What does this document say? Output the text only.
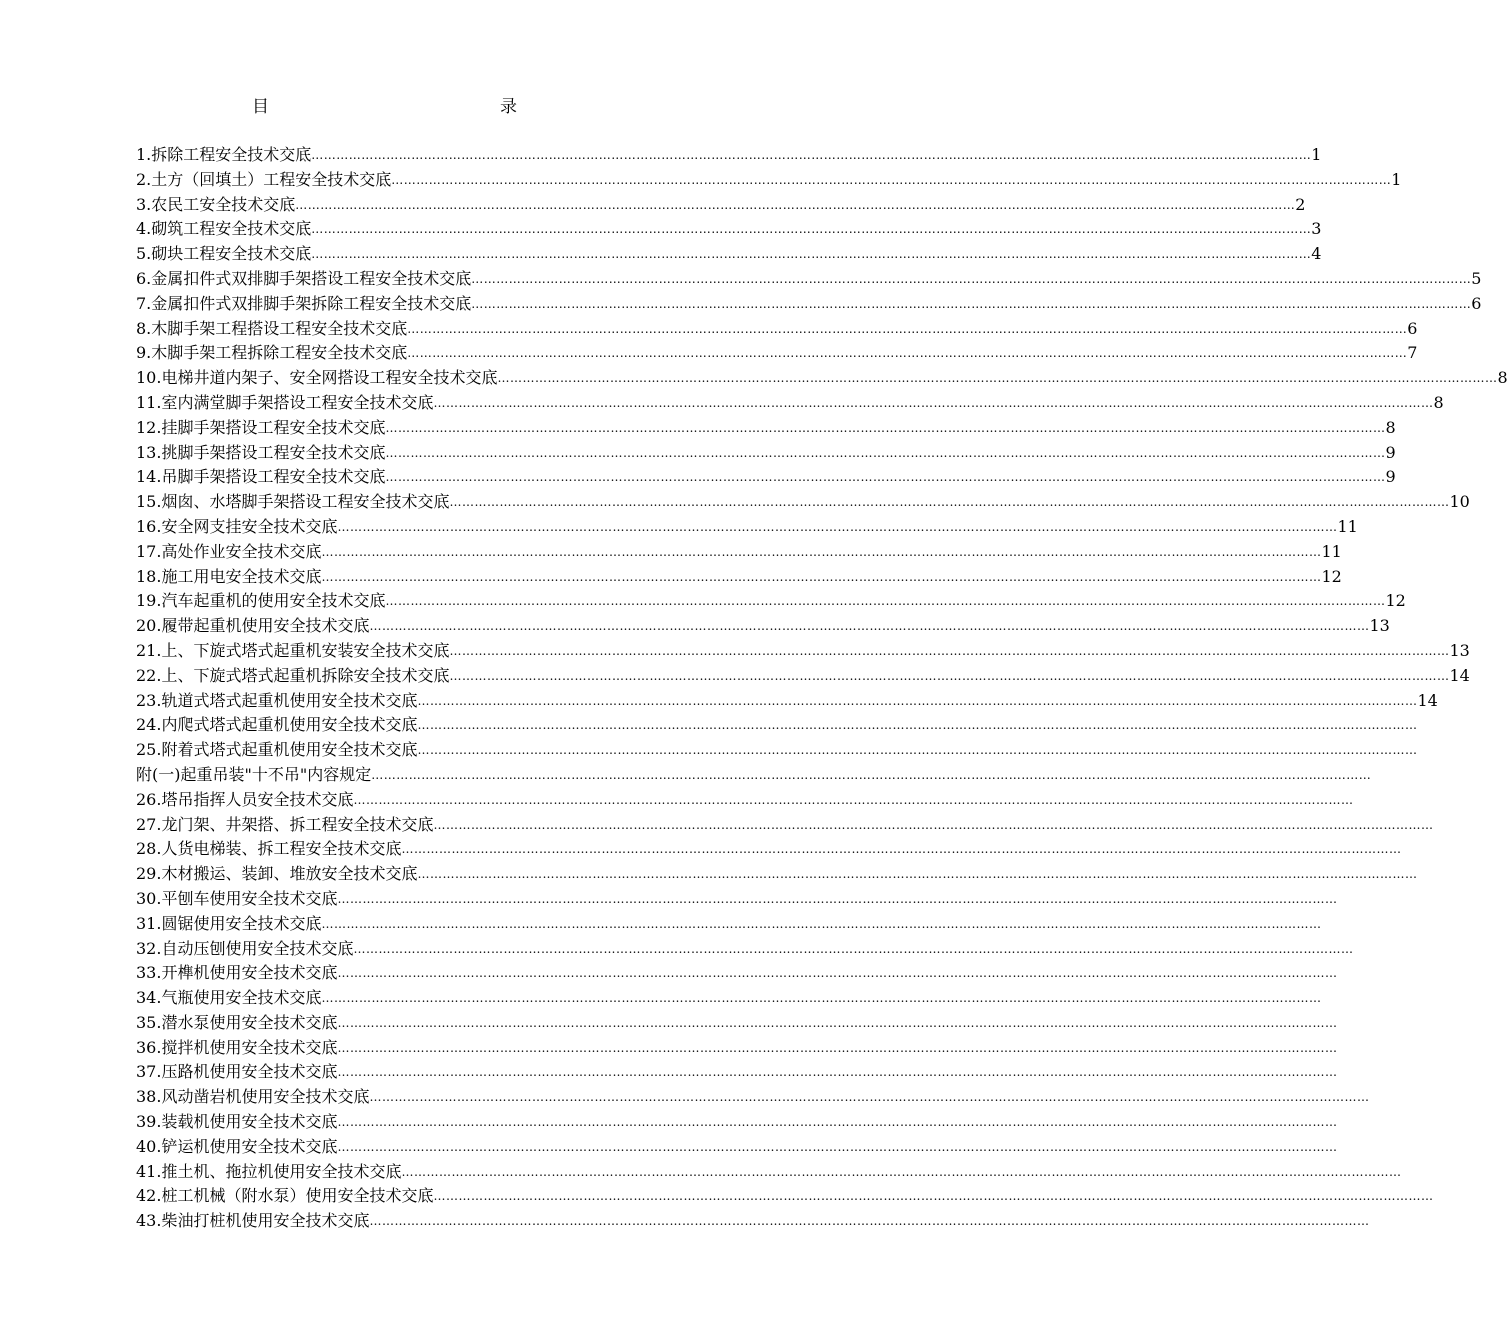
目	录
1.拆除工程安全技术交底 …………………………………………………………………………………………………………………………………………………………………………………………………………………… 1
2.土方（回填土）工程安全技术交底 …………………………………………………………………………………………………………………………………………………………………………………………………………………… 1
3.农民工安全技术交底 …………………………………………………………………………………………………………………………………………………………………………………………………………………… 2
4.砌筑工程安全技术交底 …………………………………………………………………………………………………………………………………………………………………………………………………………………… 3
5.砌块工程安全技术交底 …………………………………………………………………………………………………………………………………………………………………………………………………………………… 4
6.金属扣件式双排脚手架搭设工程安全技术交底 …………………………………………………………………………………………………………………………………………………………………………………………………………………… 5
7.金属扣件式双排脚手架拆除工程安全技术交底 …………………………………………………………………………………………………………………………………………………………………………………………………………………… 6
8.木脚手架工程搭设工程安全技术交底 …………………………………………………………………………………………………………………………………………………………………………………………………………………… 6
9.木脚手架工程拆除工程安全技术交底 …………………………………………………………………………………………………………………………………………………………………………………………………………………… 7
10.电梯井道内架子、安全网搭设工程安全技术交底 …………………………………………………………………………………………………………………………………………………………………………………………………………………… 8
11.室内满堂脚手架搭设工程安全技术交底 …………………………………………………………………………………………………………………………………………………………………………………………………………………… 8
12.挂脚手架搭设工程安全技术交底 …………………………………………………………………………………………………………………………………………………………………………………………………………………… 8
13.挑脚手架搭设工程安全技术交底 …………………………………………………………………………………………………………………………………………………………………………………………………………………… 9
14.吊脚手架搭设工程安全技术交底 …………………………………………………………………………………………………………………………………………………………………………………………………………………… 9
15.烟囱、水塔脚手架搭设工程安全技术交底 …………………………………………………………………………………………………………………………………………………………………………………………………………………… 10
16.安全网支挂安全技术交底 …………………………………………………………………………………………………………………………………………………………………………………………………………………… 11
17.高处作业安全技术交底 …………………………………………………………………………………………………………………………………………………………………………………………………………………… 11
18.施工用电安全技术交底 …………………………………………………………………………………………………………………………………………………………………………………………………………………… 12
19.汽车起重机的使用安全技术交底 …………………………………………………………………………………………………………………………………………………………………………………………………………………… 12
20.履带起重机使用安全技术交底 …………………………………………………………………………………………………………………………………………………………………………………………………………………… 13
21.上、下旋式塔式起重机安装安全技术交底 …………………………………………………………………………………………………………………………………………………………………………………………………………………… 13
22.上、下旋式塔式起重机拆除安全技术交底 …………………………………………………………………………………………………………………………………………………………………………………………………………………… 14
23.轨道式塔式起重机使用安全技术交底 …………………………………………………………………………………………………………………………………………………………………………………………………………………… 14
24.内爬式塔式起重机使用安全技术交底 ……………………………………………………………………………………………………………………………………………………………………………………………………………………
25.附着式塔式起重机使用安全技术交底 ……………………………………………………………………………………………………………………………………………………………………………………………………………………
附(一)起重吊装"十不吊"内容规定 ……………………………………………………………………………………………………………………………………………………………………………………………………………………
26.塔吊指挥人员安全技术交底 ……………………………………………………………………………………………………………………………………………………………………………………………………………………
27.龙门架、井架搭、拆工程安全技术交底 ……………………………………………………………………………………………………………………………………………………………………………………………………………………
28.人货电梯装、拆工程安全技术交底 ……………………………………………………………………………………………………………………………………………………………………………………………………………………
29.木材搬运、装卸、堆放安全技术交底 ……………………………………………………………………………………………………………………………………………………………………………………………………………………
30.平刨车使用安全技术交底 ……………………………………………………………………………………………………………………………………………………………………………………………………………………
31.圆锯使用安全技术交底 ……………………………………………………………………………………………………………………………………………………………………………………………………………………
32.自动压刨使用安全技术交底 ……………………………………………………………………………………………………………………………………………………………………………………………………………………
33.开榫机使用安全技术交底 ……………………………………………………………………………………………………………………………………………………………………………………………………………………
34.气瓶使用安全技术交底 ……………………………………………………………………………………………………………………………………………………………………………………………………………………
35.潜水泵使用安全技术交底 ……………………………………………………………………………………………………………………………………………………………………………………………………………………
36.搅拌机使用安全技术交底 ……………………………………………………………………………………………………………………………………………………………………………………………………………………
37.压路机使用安全技术交底 ……………………………………………………………………………………………………………………………………………………………………………………………………………………
38.风动凿岩机使用安全技术交底 ……………………………………………………………………………………………………………………………………………………………………………………………………………………
39.装载机使用安全技术交底 ……………………………………………………………………………………………………………………………………………………………………………………………………………………
40.铲运机使用安全技术交底 ……………………………………………………………………………………………………………………………………………………………………………………………………………………
41.推土机、拖拉机使用安全技术交底 ……………………………………………………………………………………………………………………………………………………………………………………………………………………
42.桩工机械（附水泵）使用安全技术交底 ……………………………………………………………………………………………………………………………………………………………………………………………………………………
43.柴油打桩机使用安全技术交底 ……………………………………………………………………………………………………………………………………………………………………………………………………………………
